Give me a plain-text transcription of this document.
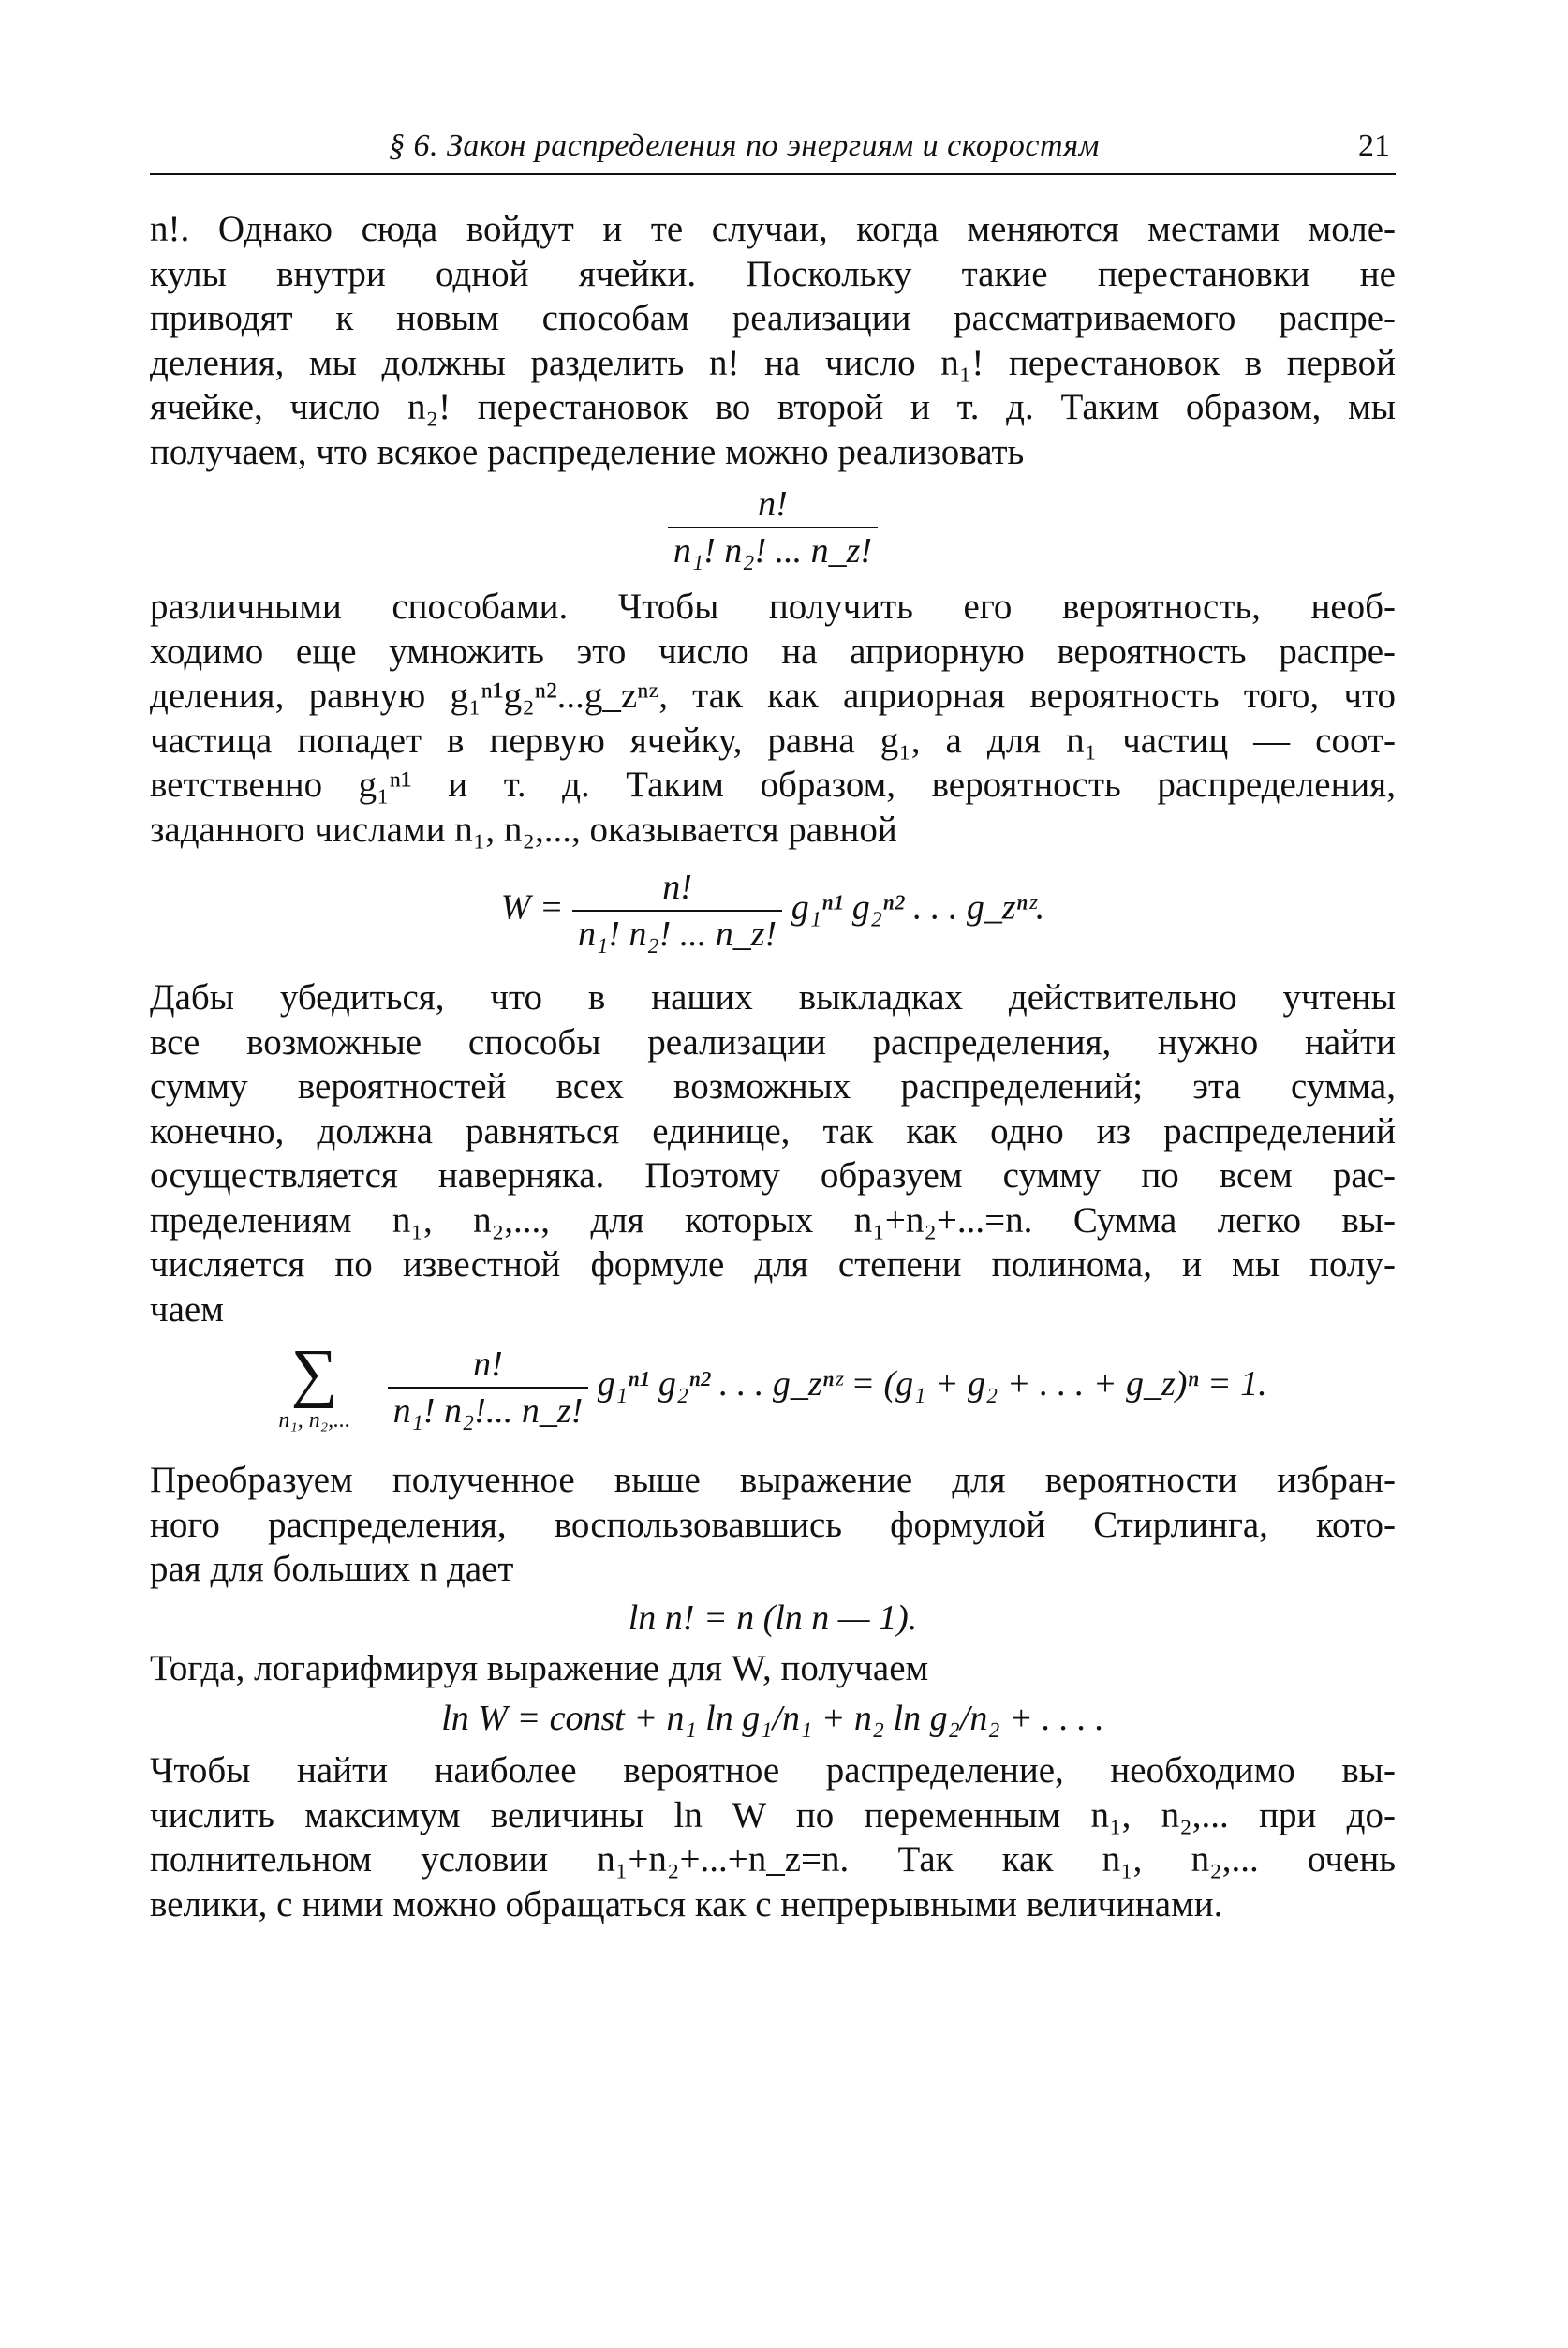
§ 6. Закон распределения по энергиям и скоростям	21
n!. Однако сюда войдут и те случаи, когда меняются местами моле-
кулы внутри одной ячейки. Поскольку такие перестановки не
приводят к новым способам реализации рассматриваемого распре-
деления, мы должны разделить n! на число n₁! перестановок в первой
ячейке, число n₂! перестановок во второй и т. д. Таким образом, мы
получаем, что всякое распределение можно реализовать
$\frac{n!}{\text{n₁! n₂! ... n\_z!}}$
различными способами. Чтобы получить его вероятность, необ-
ходимо еще умножить это число на априорную вероятность распре-
деления, равную g₁ⁿ¹g₂ⁿ²...g_zⁿᶻ, так как априорная вероятность того, что
частица попадет в первую ячейку, равна g₁, а для n₁ частиц — соот-
ветственно g₁ⁿ¹ и т. д. Таким образом, вероятность распределения,
заданного числами n₁, n₂,..., оказывается равной
$W = \frac{n!}{\text{n₁! n₂! ... n\_z!}} g_1^{n1}$ g₂ⁿ² . . . g_zⁿᶻ.
Дабы убедиться, что в наших выкладках действительно учтены
все возможные способы реализации распределения, нужно найти
сумму вероятностей всех возможных распределений; эта сумма,
конечно, должна равняться единице, так как одно из распределений
осуществляется наверняка. Поэтому образуем сумму по всем рас-
пределениям n₁, n₂,..., для которых n₁+n₂+...=n. Сумма легко вы-
числяется по известной формуле для степени полинома, и мы полу-
чаем
∑
n₁, n₂,...
$\frac{n!}{\text{n₁! n₂!... n\_z!}} g_1^{n1}$ g₂ⁿ² . . . g_zⁿᶻ = (g₁ + g₂ + . . . + g_z)ⁿ = 1.
Преобразуем полученное выше выражение для вероятности избран-
ного распределения, воспользовавшись формулой Стирлинга, кото-
рая для больших n дает
ln n! = n (ln n — 1).
Тогда, логарифмируя выражение для W, получаем
ln W = const + n₁ ln g₁/n₁ + n₂ ln g₂/n₂ + . . . .
Чтобы найти наиболее вероятное распределение, необходимо вы-
числить максимум величины ln W по переменным n₁, n₂,... при до-
полнительном условии n₁+n₂+...+n_z=n. Так как n₁, n₂,... очень
велики, с ними можно обращаться как с непрерывными величинами.
